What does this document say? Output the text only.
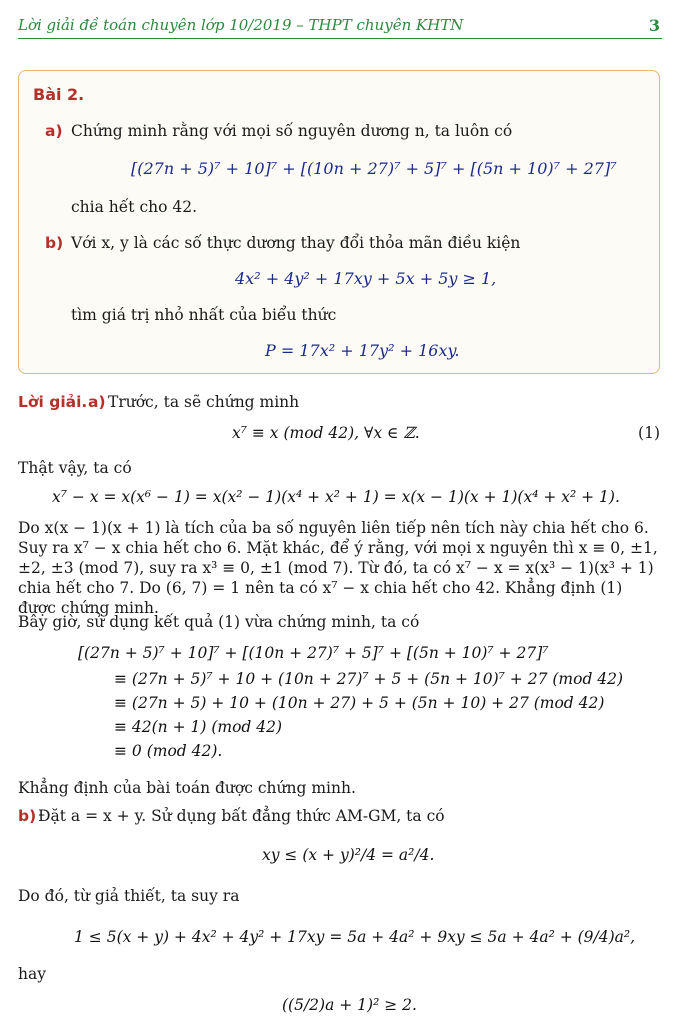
Lời giải đề toán chuyên lớp 10/2019 – THPT chuyên KHTN	3
Bài 2.
a) Chứng minh rằng với mọi số nguyên dương n, ta luôn có
[(27n + 5)⁷ + 10]⁷ + [(10n + 27)⁷ + 5]⁷ + [(5n + 10)⁷ + 27]⁷
chia hết cho 42.
b) Với x, y là các số thực dương thay đổi thỏa mãn điều kiện
4x² + 4y² + 17xy + 5x + 5y ≥ 1,
tìm giá trị nhỏ nhất của biểu thức
P = 17x² + 17y² + 16xy.
Lời giải. a) Trước, ta sẽ chứng minh
x⁷ ≡ x (mod 42), ∀x ∈ ℤ.	(1)
Thật vậy, ta có
x⁷ − x = x(x⁶ − 1) = x(x² − 1)(x⁴ + x² + 1) = x(x − 1)(x + 1)(x⁴ + x² + 1).
Do x(x − 1)(x + 1) là tích của ba số nguyên liên tiếp nên tích này chia hết cho 6. Suy ra x⁷ − x chia hết cho 6. Mặt khác, để ý rằng, với mọi x nguyên thì x ≡ 0, ±1, ±2, ±3 (mod 7), suy ra x³ ≡ 0, ±1 (mod 7). Từ đó, ta có x⁷ − x = x(x³ − 1)(x³ + 1) chia hết cho 7. Do (6, 7) = 1 nên ta có x⁷ − x chia hết cho 42. Khẳng định (1) được chứng minh.
Bây giờ, sử dụng kết quả (1) vừa chứng minh, ta có
[(27n + 5)⁷ + 10]⁷ + [(10n + 27)⁷ + 5]⁷ + [(5n + 10)⁷ + 27]⁷
≡ (27n + 5)⁷ + 10 + (10n + 27)⁷ + 5 + (5n + 10)⁷ + 27 (mod 42)
≡ (27n + 5) + 10 + (10n + 27) + 5 + (5n + 10) + 27 (mod 42)
≡ 42(n + 1) (mod 42)
≡ 0 (mod 42).
Khẳng định của bài toán được chứng minh.
b) Đặt a = x + y. Sử dụng bất đẳng thức AM-GM, ta có
xy ≤ (x + y)²/4 = a²/4.
Do đó, từ giả thiết, ta suy ra
1 ≤ 5(x + y) + 4x² + 4y² + 17xy = 5a + 4a² + 9xy ≤ 5a + 4a² + (9/4)a²,
hay
((5/2)a + 1)² ≥ 2.
